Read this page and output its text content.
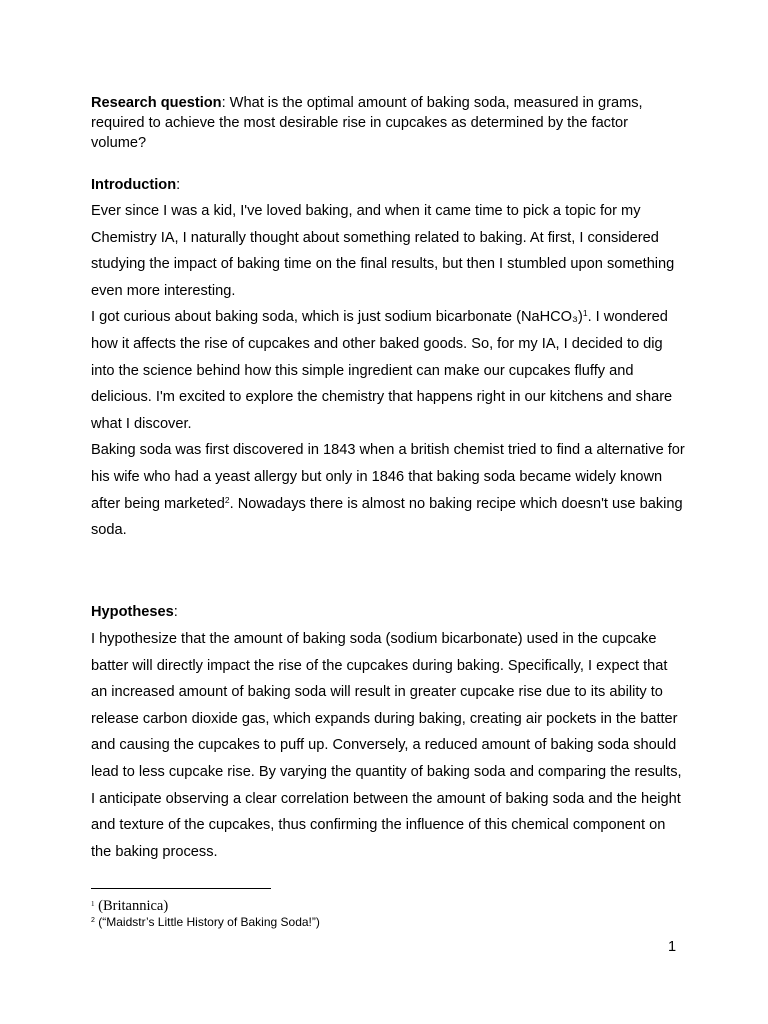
Research question: What is the optimal amount of baking soda, measured in grams, required to achieve the most desirable rise in cupcakes as determined by the factor volume?
Introduction:

Ever since I was a kid, I've loved baking, and when it came time to pick a topic for my Chemistry IA, I naturally thought about something related to baking. At first, I considered studying the impact of baking time on the final results, but then I stumbled upon something even more interesting.

I got curious about baking soda, which is just sodium bicarbonate (NaHCO₃)$^1$. I wondered how it affects the rise of cupcakes and other baked goods. So, for my IA, I decided to dig into the science behind how this simple ingredient can make our cupcakes fluffy and delicious. I'm excited to explore the chemistry that happens right in our kitchens and share what I discover.

Baking soda was first discovered in 1843 when a british chemist tried to find a alternative for his wife who had a yeast allergy but only in 1846 that baking soda became widely known after being marketed$^2$. Nowadays there is almost no baking recipe which doesn't use baking soda.

Hypotheses:

I hypothesize that the amount of baking soda (sodium bicarbonate) used in the cupcake batter will directly impact the rise of the cupcakes during baking. Specifically, I expect that an increased amount of baking soda will result in greater cupcake rise due to its ability to release carbon dioxide gas, which expands during baking, creating air pockets in the batter and causing the cupcakes to puff up. Conversely, a reduced amount of baking soda should lead to less cupcake rise. By varying the quantity of baking soda and comparing the results, I anticipate observing a clear correlation between the amount of baking soda and the height and texture of the cupcakes, thus confirming the influence of this chemical component on the baking process.

$^1$ (Britannica)
$^2$ (“Maidstr’s Little History of Baking Soda!”)
1
